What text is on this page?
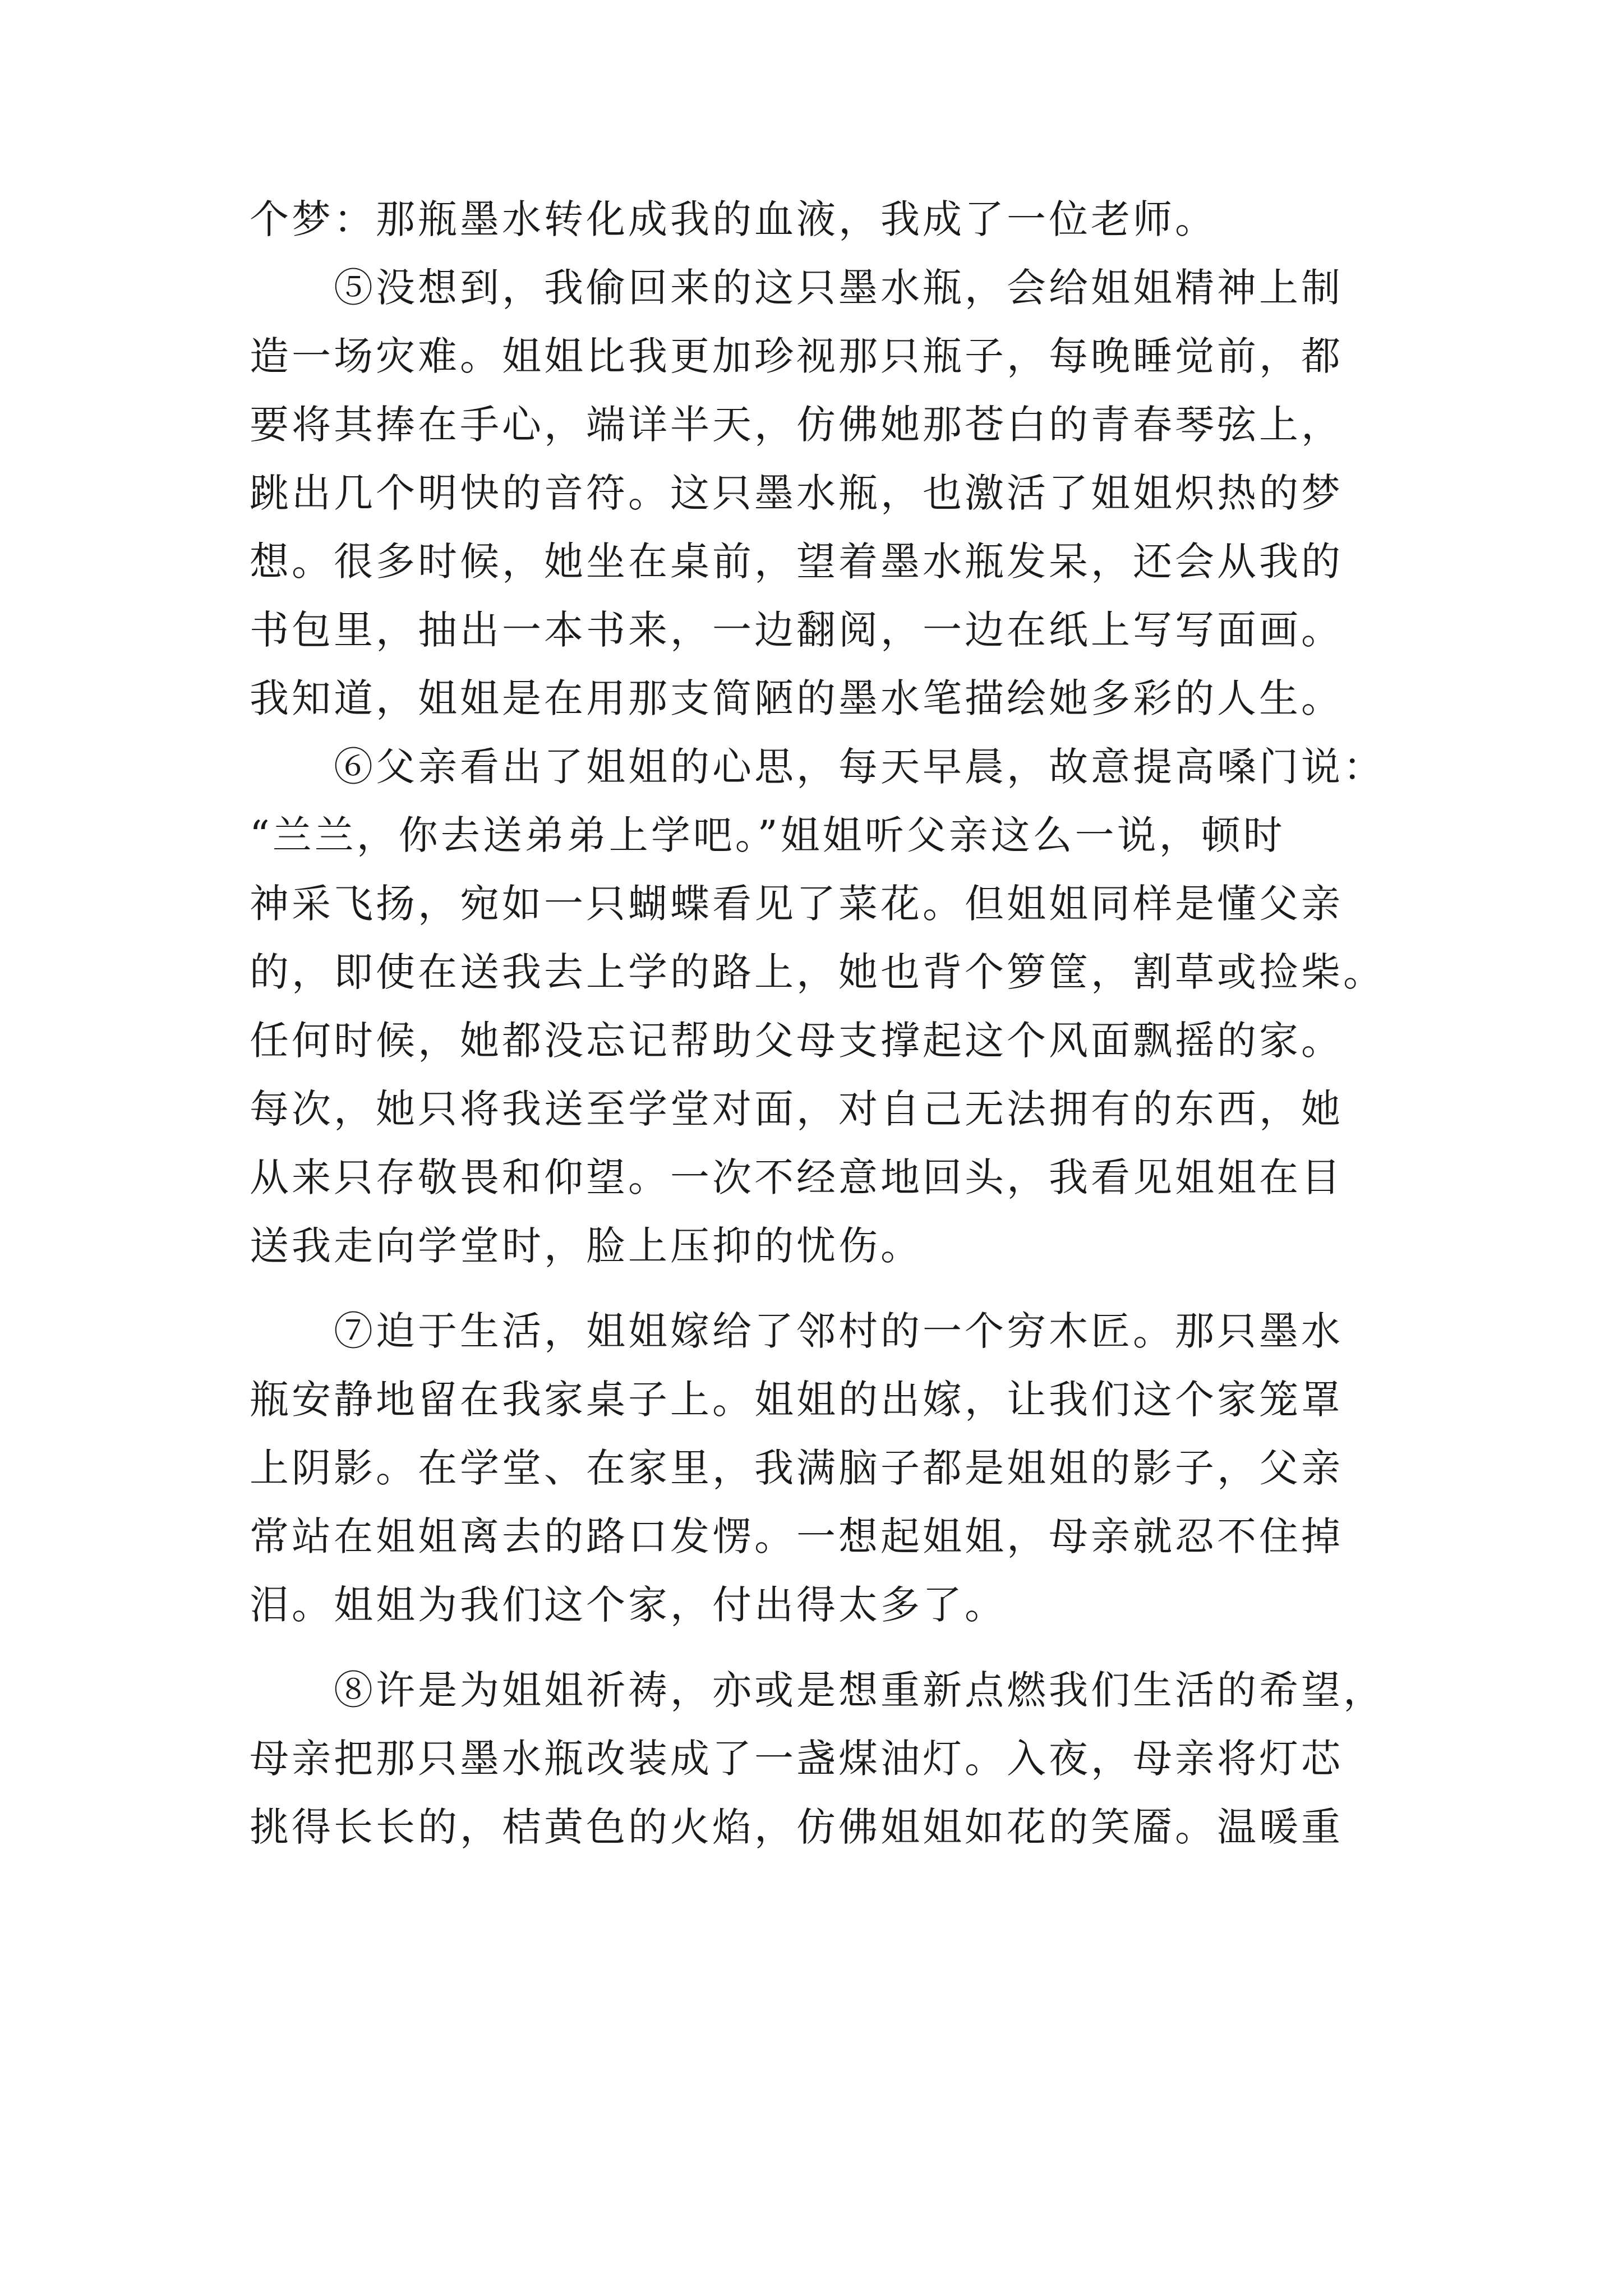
个梦：那瓶墨水转化成我的血液，我成了一位老师。
　　⑤没想到，我偷回来的这只墨水瓶，会给姐姐精神上制
造一场灾难。姐姐比我更加珍视那只瓶子，每晚睡觉前，都
要将其捧在手心，端详半天，仿佛她那苍白的青春琴弦上，
跳出几个明快的音符。这只墨水瓶，也激活了姐姐炽热的梦
想。很多时候，她坐在桌前，望着墨水瓶发呆，还会从我的
书包里，抽出一本书来，一边翻阅，一边在纸上写写面画。
我知道，姐姐是在用那支简陋的墨水笔描绘她多彩的人生。
　　⑥父亲看出了姐姐的心思，每天早晨，故意提高嗓门说：
“兰兰，你去送弟弟上学吧。”姐姐听父亲这么一说，顿时
神采飞扬，宛如一只蝴蝶看见了菜花。但姐姐同样是懂父亲
的，即使在送我去上学的路上，她也背个箩筐，割草或捡柴。
任何时候，她都没忘记帮助父母支撑起这个风面飘摇的家。
每次，她只将我送至学堂对面，对自己无法拥有的东西，她
从来只存敬畏和仰望。一次不经意地回头，我看见姐姐在目
送我走向学堂时，脸上压抑的忧伤。
　　⑦迫于生活，姐姐嫁给了邻村的一个穷木匠。那只墨水
瓶安静地留在我家桌子上。姐姐的出嫁，让我们这个家笼罩
上阴影。在学堂、在家里，我满脑子都是姐姐的影子，父亲
常站在姐姐离去的路口发愣。一想起姐姐，母亲就忍不住掉
泪。姐姐为我们这个家，付出得太多了。
　　⑧许是为姐姐祈祷，亦或是想重新点燃我们生活的希望，
母亲把那只墨水瓶改装成了一盏煤油灯。入夜，母亲将灯芯
挑得长长的，桔黄色的火焰，仿佛姐姐如花的笑靥。温暖重
